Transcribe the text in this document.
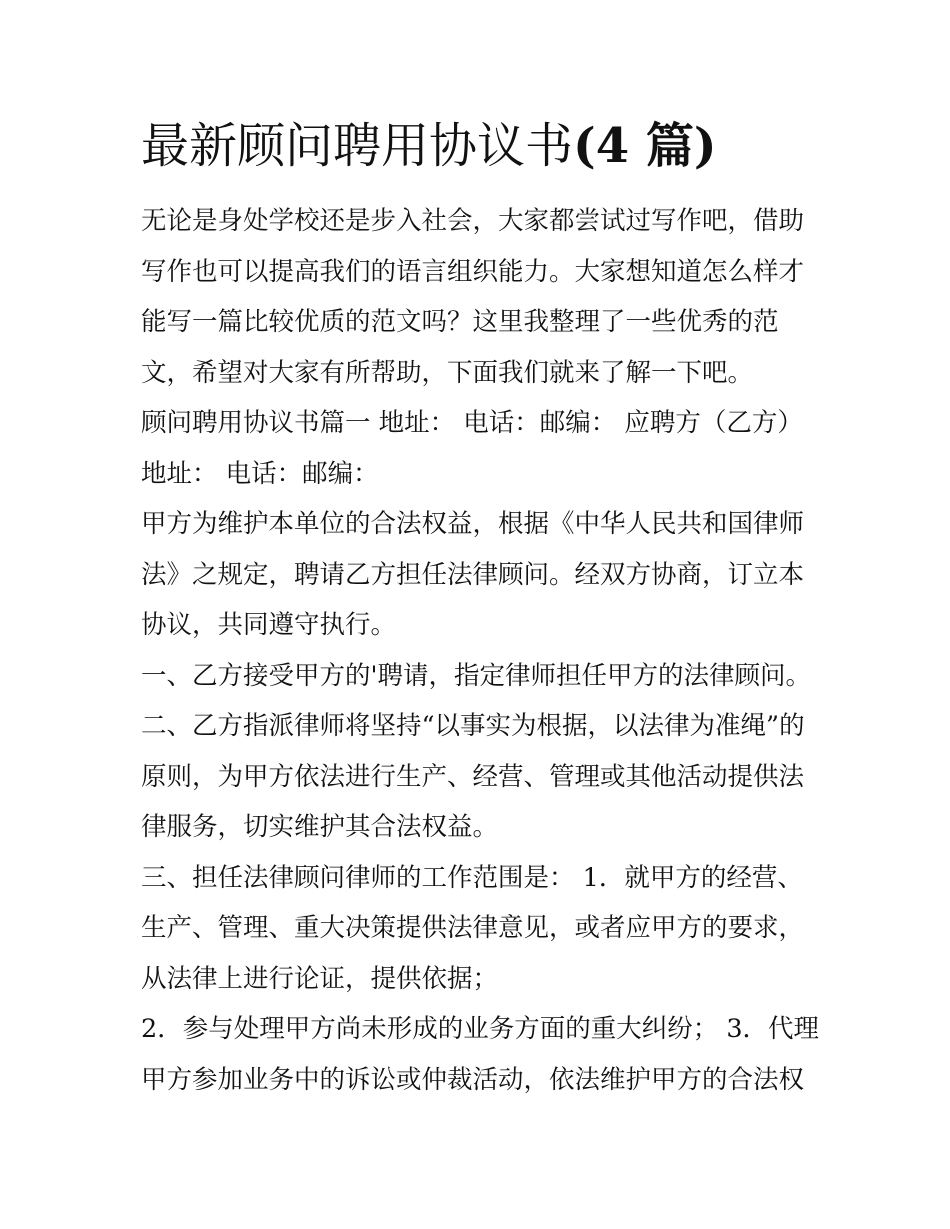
最新顾问聘用协议书(4 篇)

无论是身处学校还是步入社会，大家都尝试过写作吧，借助写作也可以提高我们的语言组织能力。大家想知道怎么样才能写一篇比较优质的范文吗？这里我整理了一些优秀的范文，希望对大家有所帮助，下面我们就来了解一下吧。

顾问聘用协议书篇一 地址： 电话：邮编： 应聘方（乙方）

地址： 电话：邮编：

甲方为维护本单位的合法权益，根据《中华人民共和国律师法》之规定，聘请乙方担任法律顾问。经双方协商，订立本协议，共同遵守执行。

一、乙方接受甲方的'聘请，指定律师担任甲方的法律顾问。

二、乙方指派律师将坚持“以事实为根据，以法律为准绳”的原则，为甲方依法进行生产、经营、管理或其他活动提供法律服务，切实维护其合法权益。

三、担任法律顾问律师的工作范围是： 1．就甲方的经营、生产、管理、重大决策提供法律意见，或者应甲方的要求，从法律上进行论证，提供依据；

2．参与处理甲方尚未形成的业务方面的重大纠纷； 3．代理甲方参加业务中的诉讼或仲裁活动，依法维护甲方的合法权
